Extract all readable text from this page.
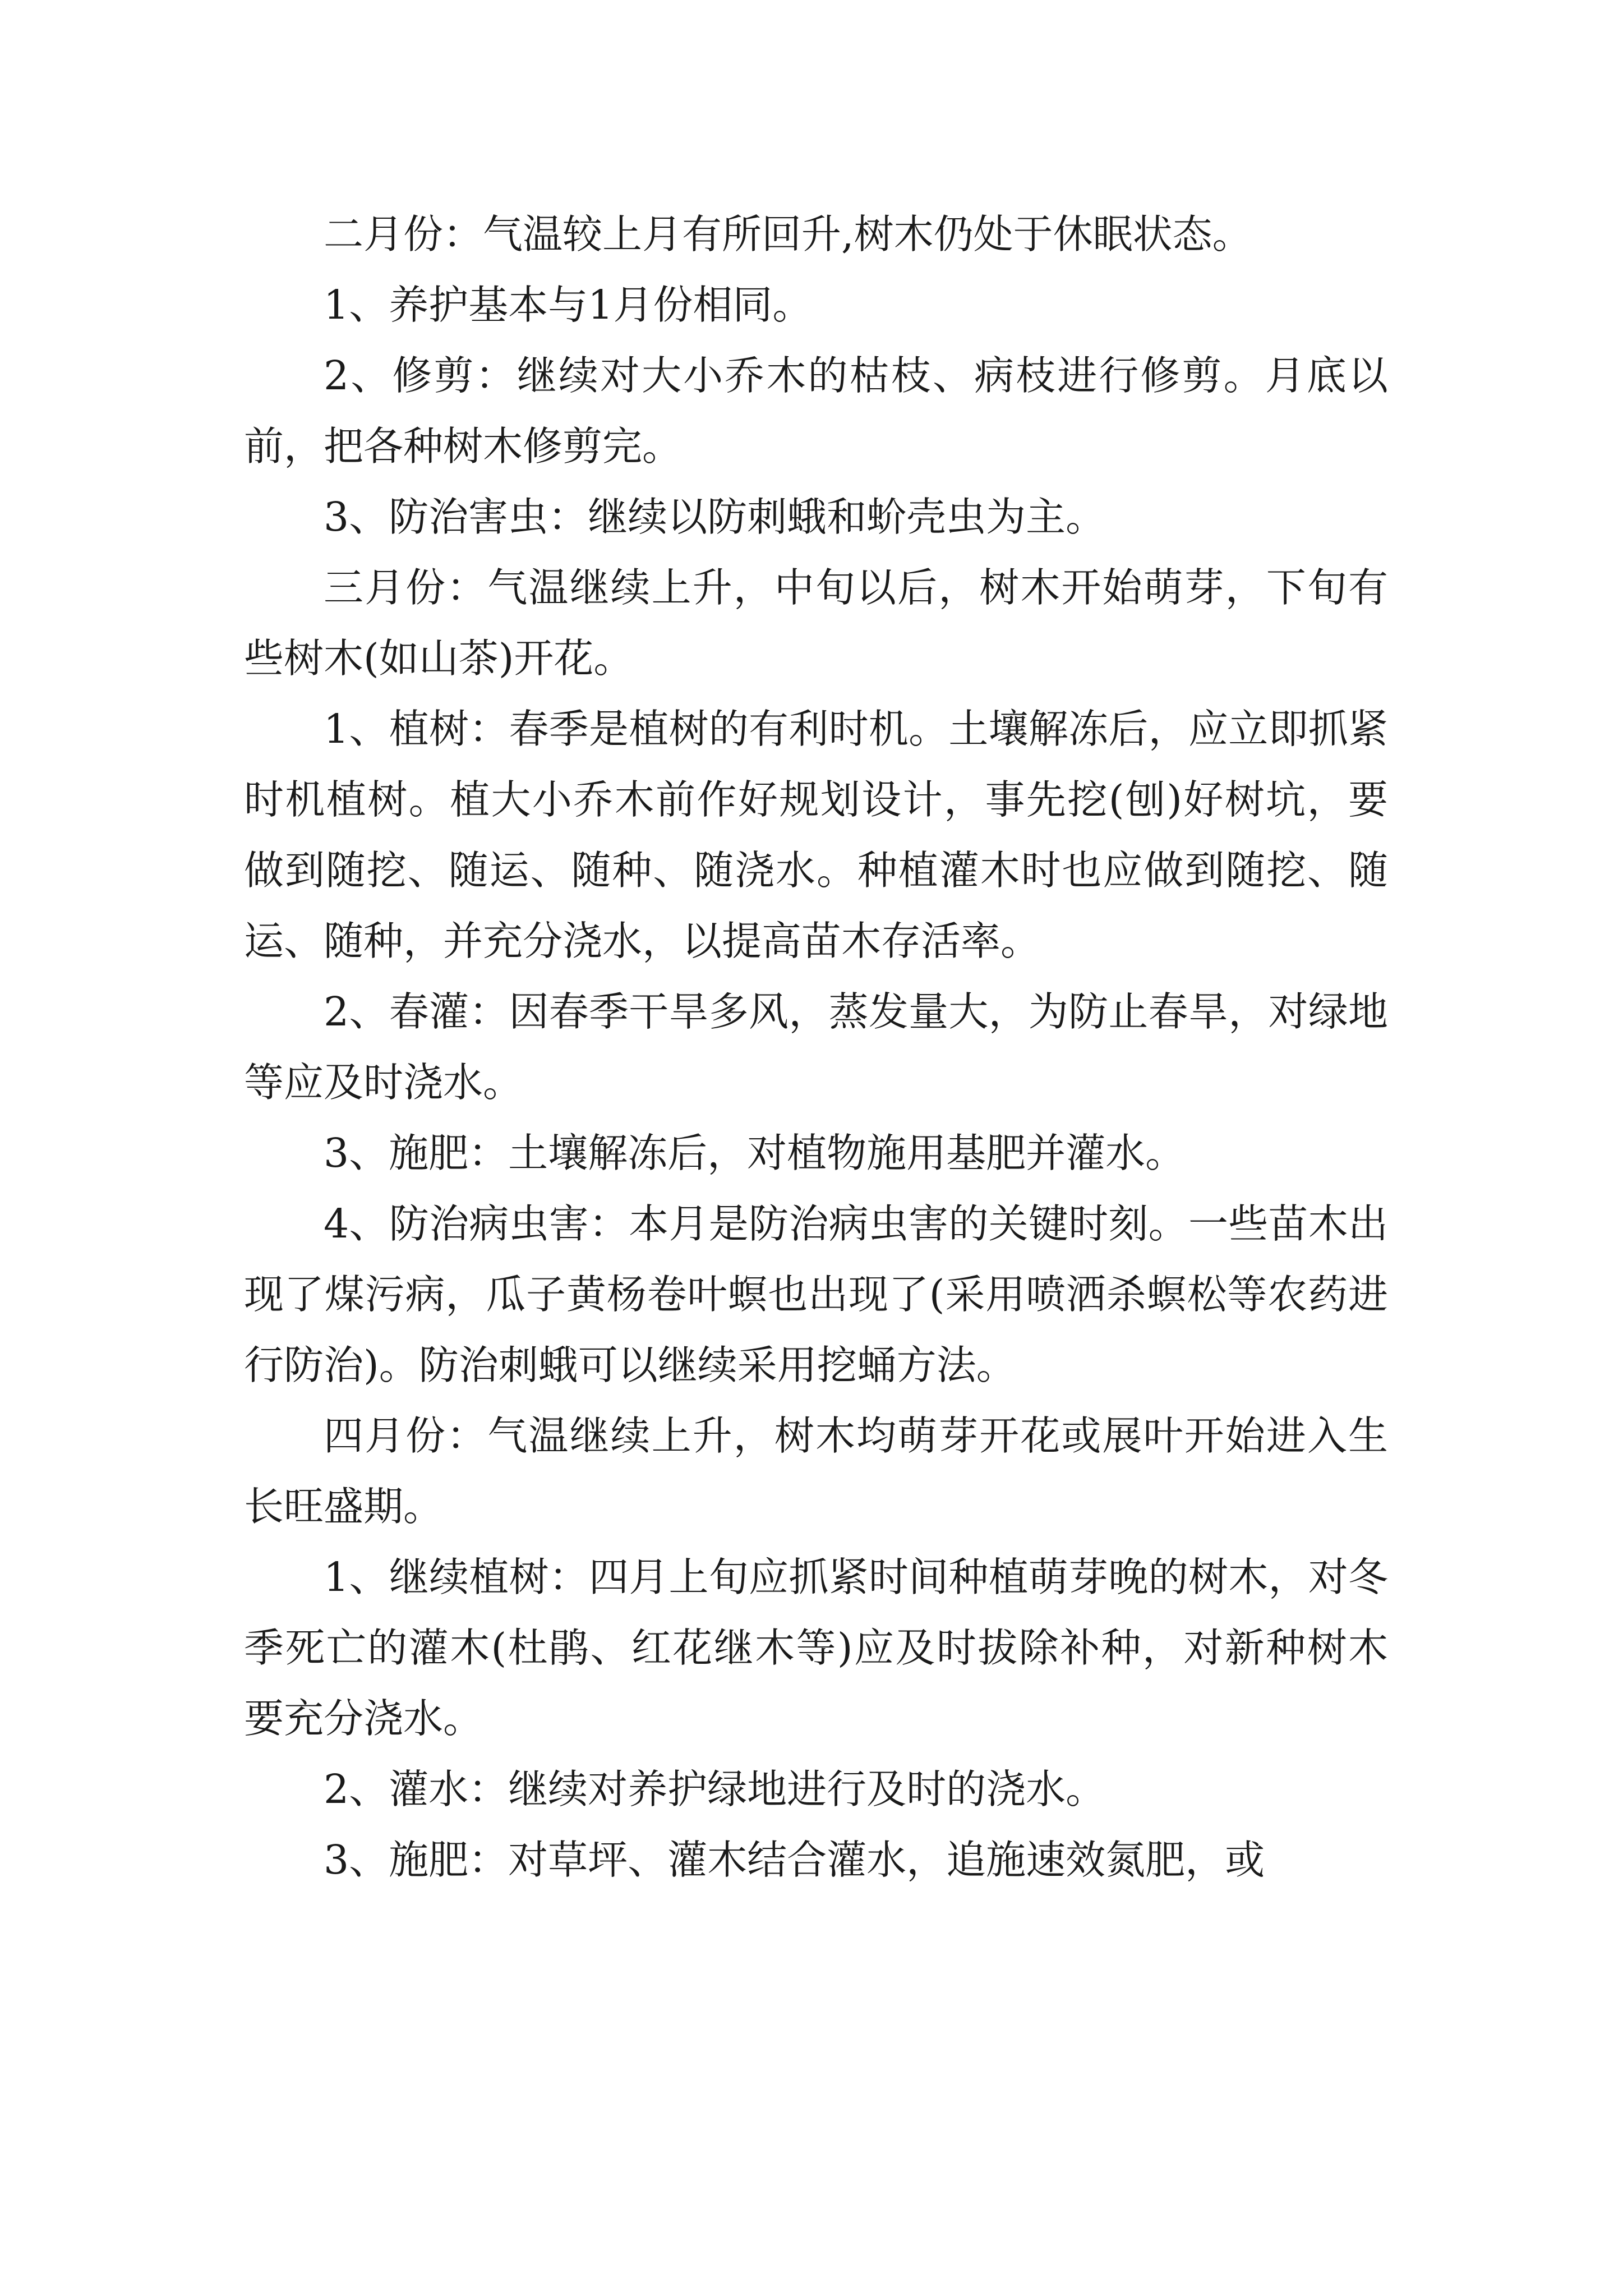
二月份：气温较上月有所回升,树木仍处于休眠状态。

1、养护基本与1月份相同。

2、修剪：继续对大小乔木的枯枝、病枝进行修剪。月底以前，把各种树木修剪完。

3、防治害虫：继续以防刺蛾和蚧壳虫为主。

三月份：气温继续上升，中旬以后，树木开始萌芽，下旬有些树木(如山茶)开花。

1、植树：春季是植树的有利时机。土壤解冻后，应立即抓紧时机植树。植大小乔木前作好规划设计，事先挖(刨)好树坑，要做到随挖、随运、随种、随浇水。种植灌木时也应做到随挖、随运、随种，并充分浇水，以提高苗木存活率。

2、春灌：因春季干旱多风，蒸发量大，为防止春旱，对绿地等应及时浇水。

3、施肥：土壤解冻后，对植物施用基肥并灌水。

4、防治病虫害：本月是防治病虫害的关键时刻。一些苗木出现了煤污病，瓜子黄杨卷叶螟也出现了(采用喷洒杀螟松等农药进行防治)。防治刺蛾可以继续采用挖蛹方法。

四月份：气温继续上升，树木均萌芽开花或展叶开始进入生长旺盛期。

1、继续植树：四月上旬应抓紧时间种植萌芽晚的树木，对冬季死亡的灌木(杜鹃、红花继木等)应及时拔除补种，对新种树木要充分浇水。

2、灌水：继续对养护绿地进行及时的浇水。

3、施肥：对草坪、灌木结合灌水，追施速效氮肥，或
